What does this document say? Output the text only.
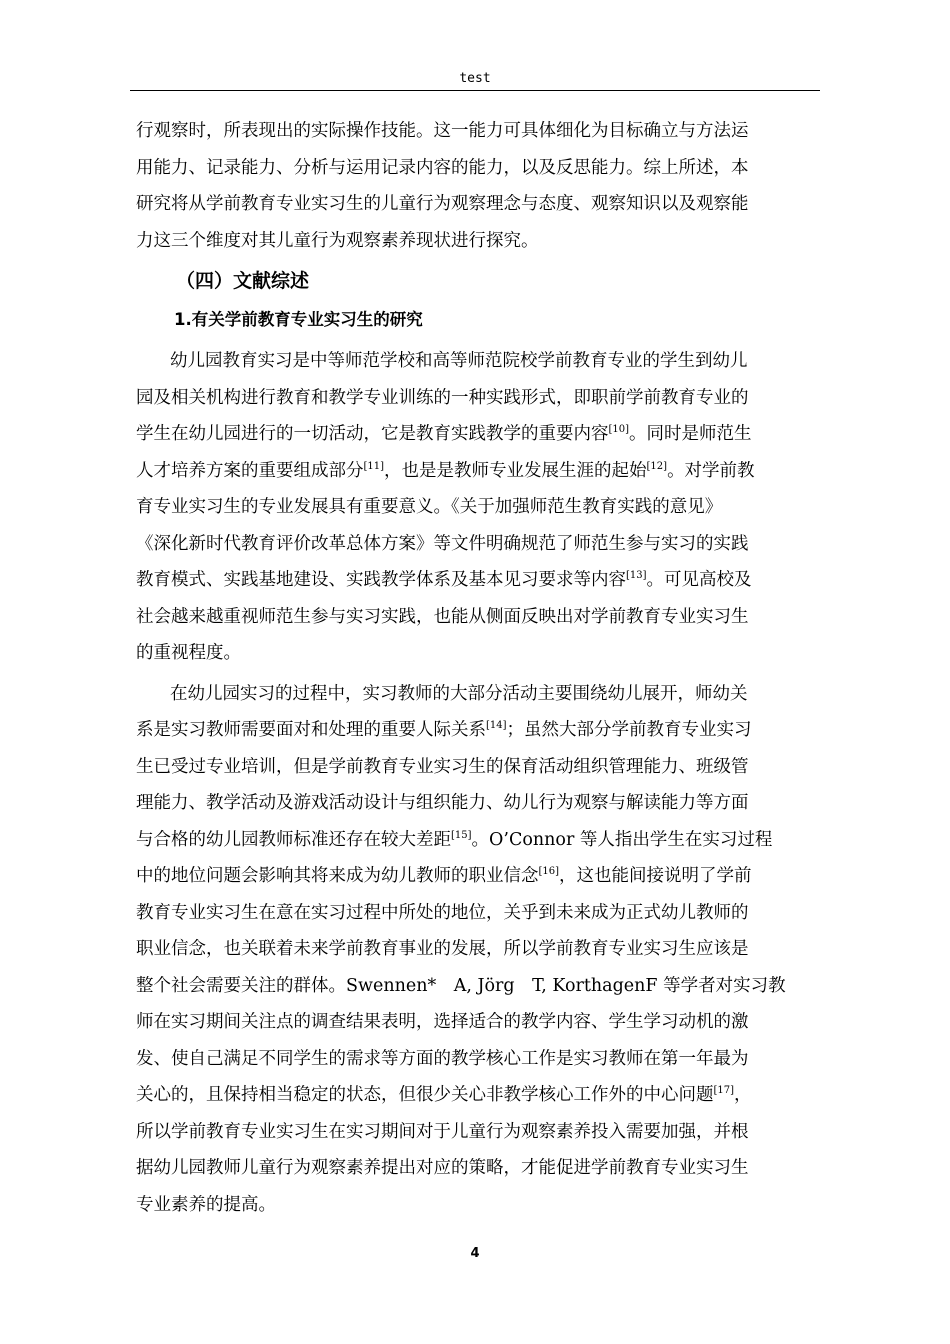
test
行观察时，所表现出的实际操作技能。这一能力可具体细化为目标确立与方法运
用能力、记录能力、分析与运用记录内容的能力，以及反思能力。综上所述，本
研究将从学前教育专业实习生的儿童行为观察理念与态度、观察知识以及观察能
力这三个维度对其儿童行为观察素养现状进行探究。
（四）文献综述
1.有关学前教育专业实习生的研究
幼儿园教育实习是中等师范学校和高等师范院校学前教育专业的学生到幼儿
园及相关机构进行教育和教学专业训练的一种实践形式，即职前学前教育专业的
学生在幼儿园进行的一切活动，它是教育实践教学的重要内容[10]。同时是师范生
人才培养方案的重要组成部分[11]，也是是教师专业发展生涯的起始[12]。对学前教
育专业实习生的专业发展具有重要意义。《关于加强师范生教育实践的意见》
《深化新时代教育评价改革总体方案》等文件明确规范了师范生参与实习的实践
教育模式、实践基地建设、实践教学体系及基本见习要求等内容[13]。可见高校及
社会越来越重视师范生参与实习实践，也能从侧面反映出对学前教育专业实习生
的重视程度。
在幼儿园实习的过程中，实习教师的大部分活动主要围绕幼儿展开，师幼关
系是实习教师需要面对和处理的重要人际关系[14]；虽然大部分学前教育专业实习
生已受过专业培训，但是学前教育专业实习生的保育活动组织管理能力、班级管
理能力、教学活动及游戏活动设计与组织能力、幼儿行为观察与解读能力等方面
与合格的幼儿园教师标准还存在较大差距[15]。O’Connor 等人指出学生在实习过程
中的地位问题会影响其将来成为幼儿教师的职业信念[16]，这也能间接说明了学前
教育专业实习生在意在实习过程中所处的地位，关乎到未来成为正式幼儿教师的
职业信念，也关联着未来学前教育事业的发展，所以学前教育专业实习生应该是
整个社会需要关注的群体。Swennen*　A, Jörg　T, KorthagenF 等学者对实习教
师在实习期间关注点的调查结果表明，选择适合的教学内容、学生学习动机的激
发、使自己满足不同学生的需求等方面的教学核心工作是实习教师在第一年最为
关心的，且保持相当稳定的状态，但很少关心非教学核心工作外的中心问题[17]，
所以学前教育专业实习生在实习期间对于儿童行为观察素养投入需要加强，并根
据幼儿园教师儿童行为观察素养提出对应的策略，才能促进学前教育专业实习生
专业素养的提高。
4
